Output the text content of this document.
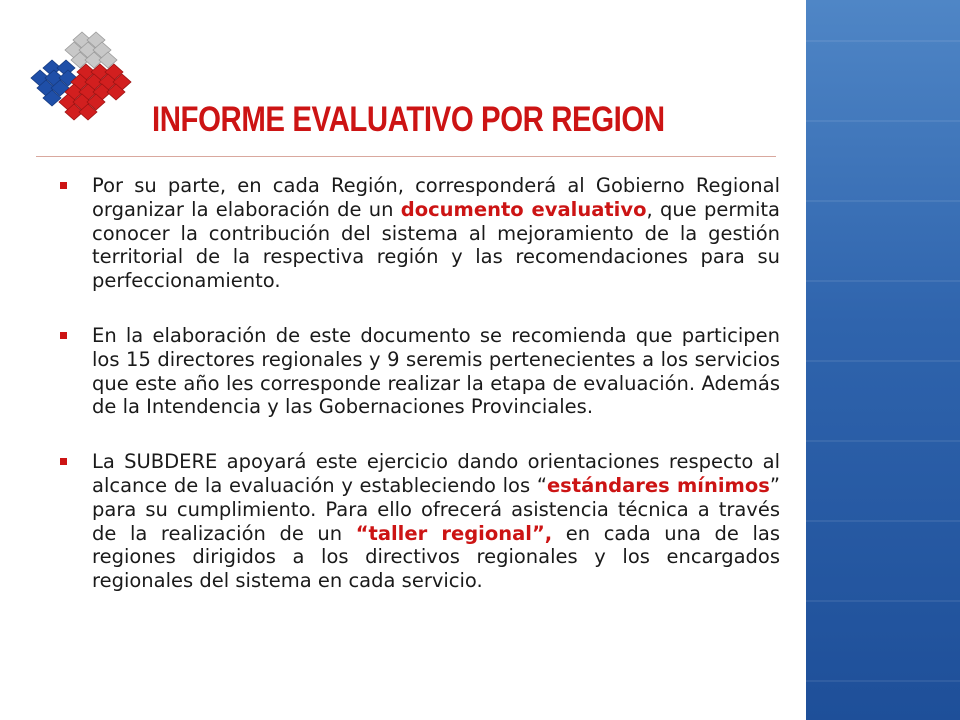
INFORME EVALUATIVO POR REGION
Por su parte, en cada Región, corresponderá al Gobierno Regional organizar la elaboración de un documento evaluativo, que permita conocer la contribución del sistema al mejoramiento de la gestión territorial de la respectiva región y las recomendaciones para su perfeccionamiento.
En la elaboración de este documento se recomienda que participen los 15 directores regionales y 9 seremis pertenecientes a los servicios que este año les corresponde realizar la etapa de evaluación. Además de la Intendencia y las Gobernaciones Provinciales.
La SUBDERE apoyará este ejercicio dando orientaciones respecto al alcance de la evaluación y estableciendo los “estándares mínimos” para su cumplimiento. Para ello ofrecerá asistencia técnica a través de la realización de un “taller regional”, en cada una de las regiones dirigidos a los directivos regionales y los encargados regionales del sistema en cada servicio.
